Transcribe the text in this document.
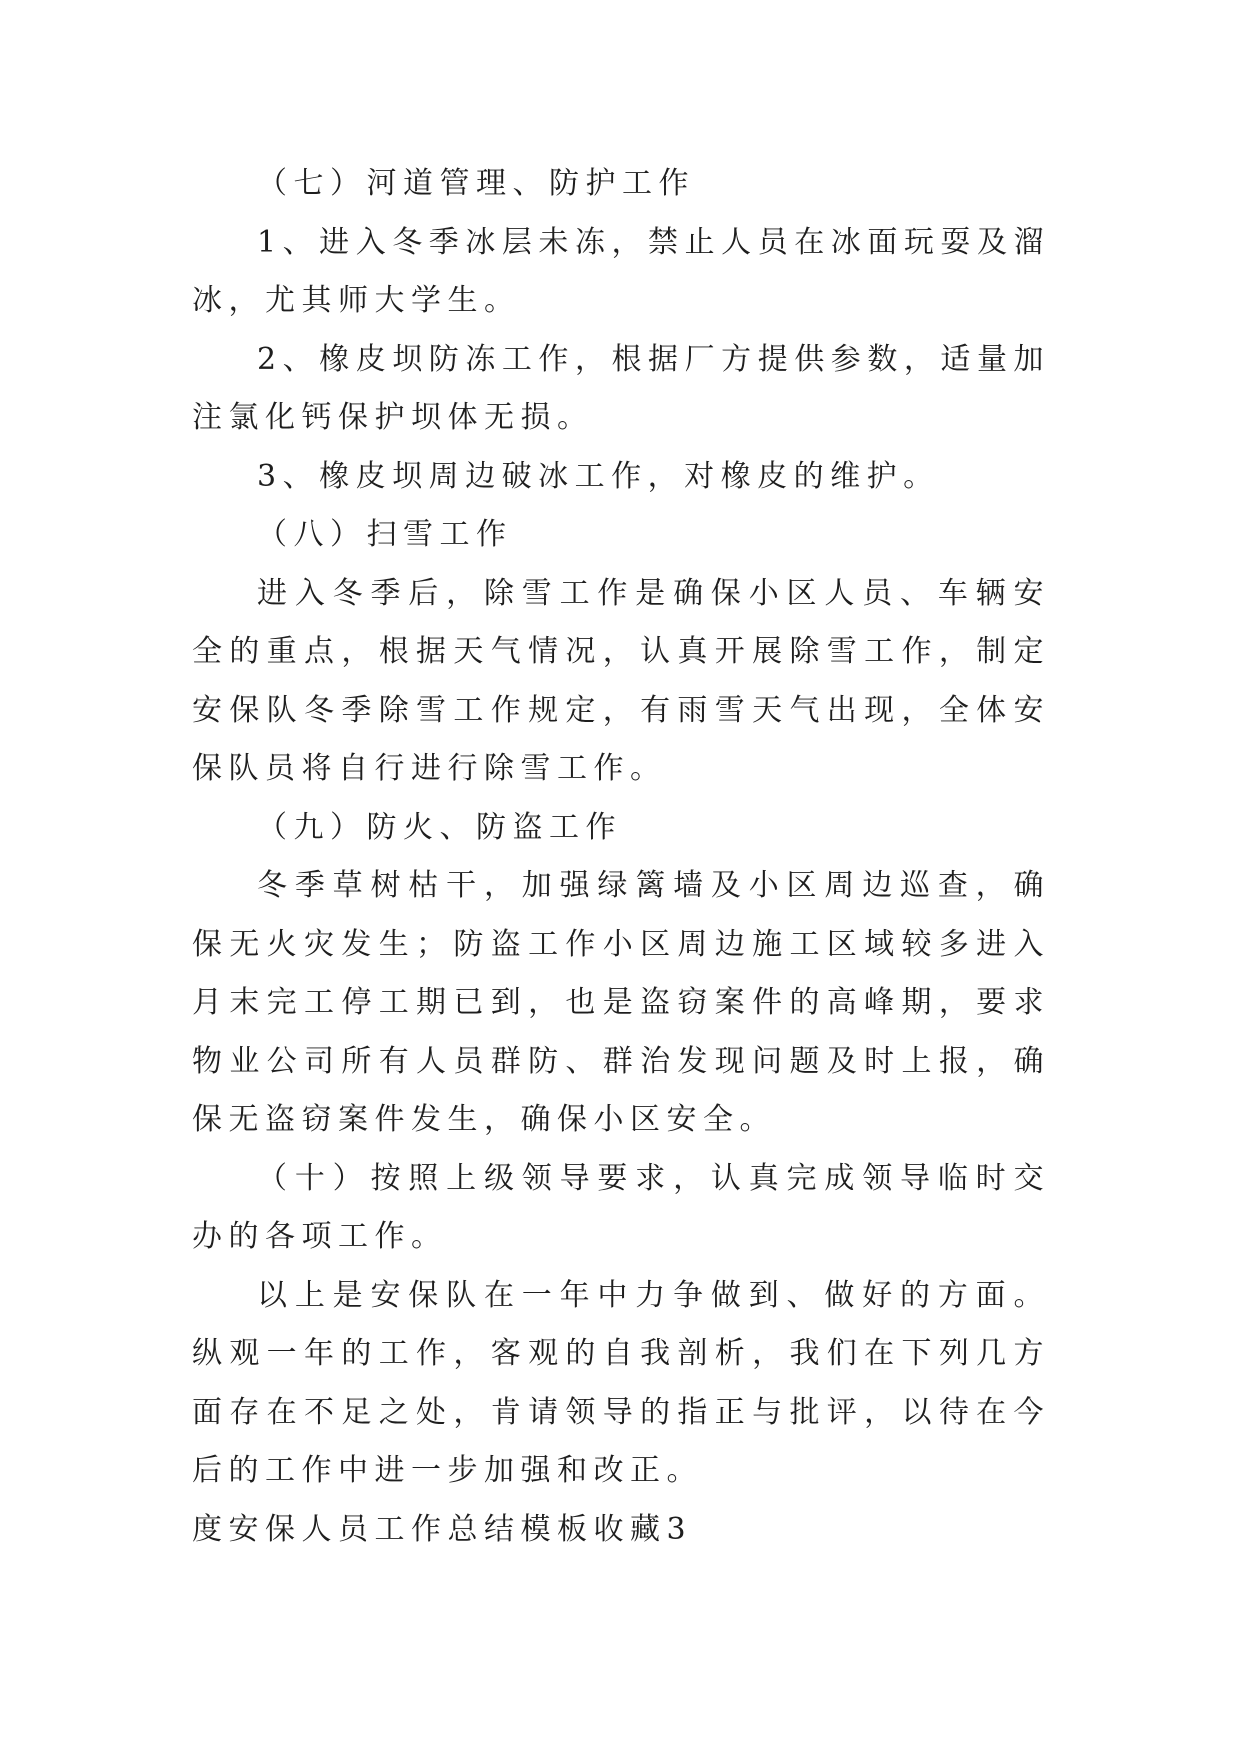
（七）河道管理、防护工作

1、进入冬季冰层未冻，禁止人员在冰面玩耍及溜冰，尤其师大学生。

2、橡皮坝防冻工作，根据厂方提供参数，适量加注氯化钙保护坝体无损。

3、橡皮坝周边破冰工作，对橡皮的维护。

（八）扫雪工作

进入冬季后，除雪工作是确保小区人员、车辆安全的重点，根据天气情况，认真开展除雪工作，制定安保队冬季除雪工作规定，有雨雪天气出现，全体安保队员将自行进行除雪工作。

（九）防火、防盗工作

冬季草树枯干，加强绿篱墙及小区周边巡查，确保无火灾发生；防盗工作小区周边施工区域较多进入月末完工停工期已到，也是盗窃案件的高峰期，要求物业公司所有人员群防、群治发现问题及时上报，确保无盗窃案件发生，确保小区安全。

（十）按照上级领导要求，认真完成领导临时交办的各项工作。

以上是安保队在一年中力争做到、做好的方面。纵观一年的工作，客观的自我剖析，我们在下列几方面存在不足之处，肯请领导的指正与批评，以待在今后的工作中进一步加强和改正。

度安保人员工作总结模板收藏3
